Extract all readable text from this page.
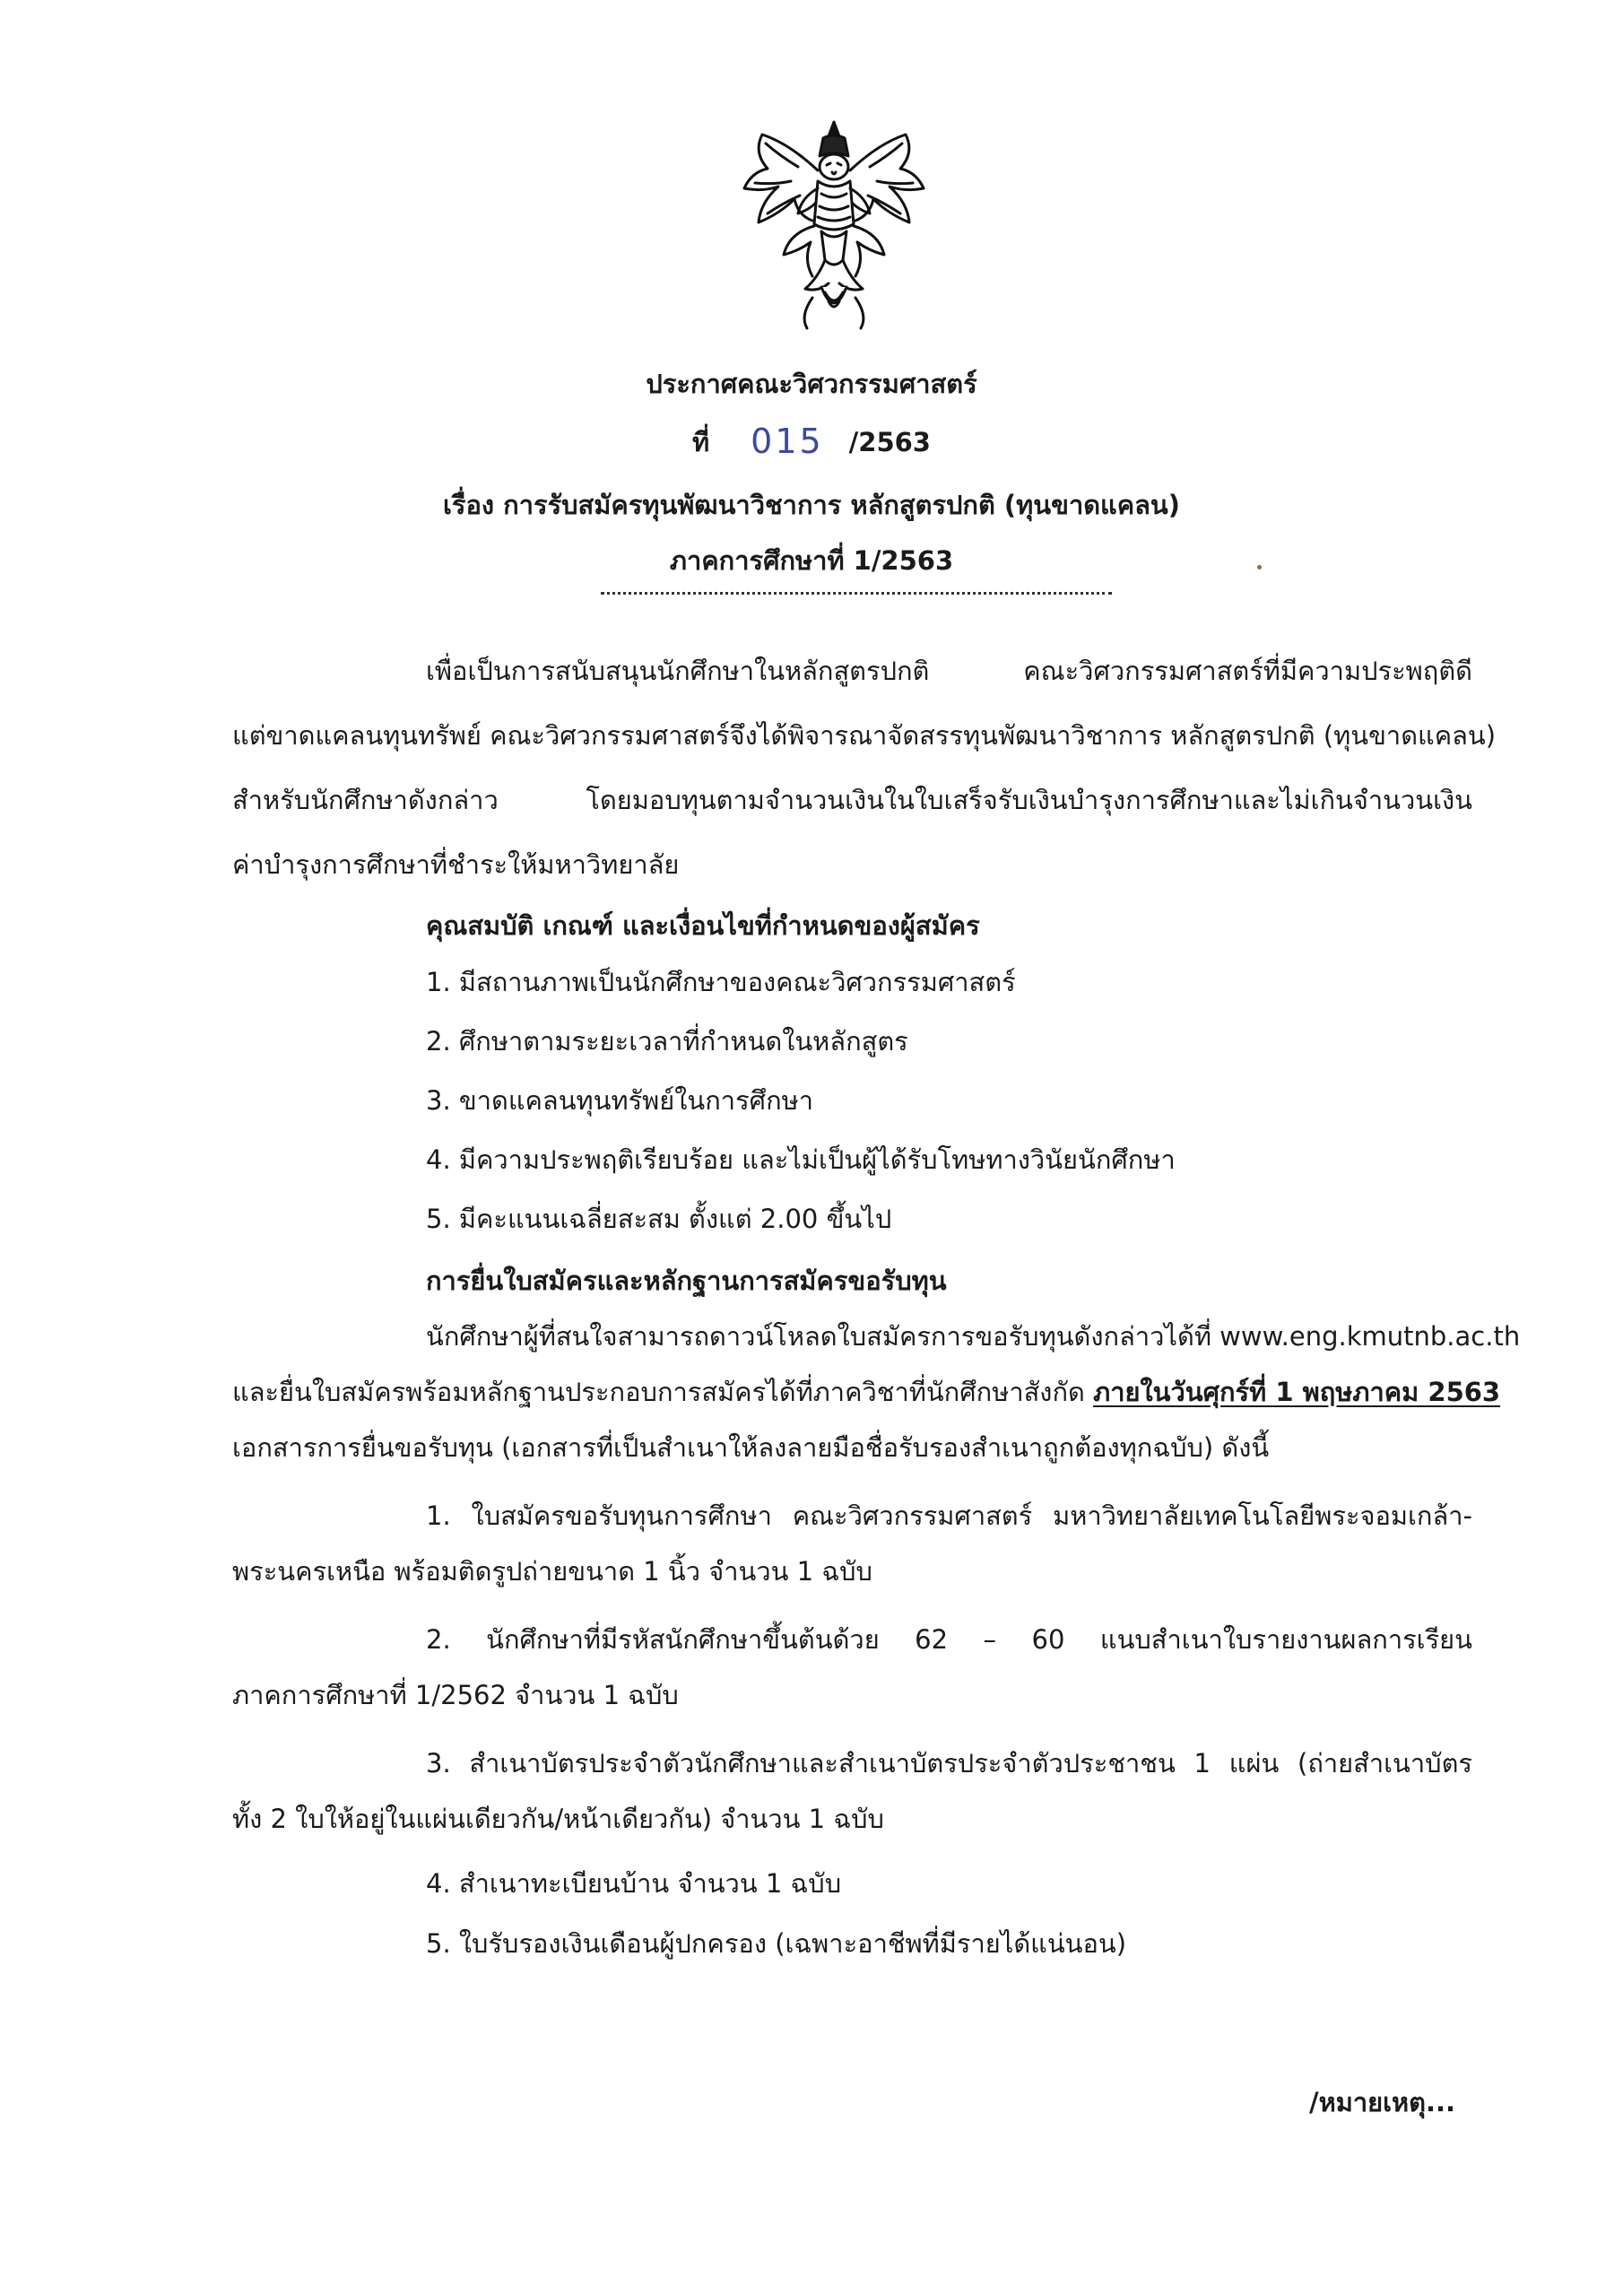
ประกาศคณะวิศวกรรมศาสตร์
ที่ 015 /2563
เรื่อง การรับสมัครทุนพัฒนาวิชาการ หลักสูตรปกติ (ทุนขาดแคลน)
ภาคการศึกษาที่ 1/2563
เพื่อเป็นการสนับสนุนนักศึกษาในหลักสูตรปกติ คณะวิศวกรรมศาสตร์ที่มีความประพฤติดี
แต่ขาดแคลนทุนทรัพย์ คณะวิศวกรรมศาสตร์จึงได้พิจารณาจัดสรรทุนพัฒนาวิชาการ หลักสูตรปกติ (ทุนขาดแคลน)
สำหรับนักศึกษาดังกล่าว โดยมอบทุนตามจำนวนเงินในใบเสร็จรับเงินบำรุงการศึกษาและไม่เกินจำนวนเงิน
ค่าบำรุงการศึกษาที่ชำระให้มหาวิทยาลัย
คุณสมบัติ เกณฑ์ และเงื่อนไขที่กำหนดของผู้สมัคร
1. มีสถานภาพเป็นนักศึกษาของคณะวิศวกรรมศาสตร์
2. ศึกษาตามระยะเวลาที่กำหนดในหลักสูตร
3. ขาดแคลนทุนทรัพย์ในการศึกษา
4. มีความประพฤติเรียบร้อย และไม่เป็นผู้ได้รับโทษทางวินัยนักศึกษา
5. มีคะแนนเฉลี่ยสะสม ตั้งแต่ 2.00 ขึ้นไป
การยื่นใบสมัครและหลักฐานการสมัครขอรับทุน
นักศึกษาผู้ที่สนใจสามารถดาวน์โหลดใบสมัครการขอรับทุนดังกล่าวได้ที่ www.eng.kmutnb.ac.th
และยื่นใบสมัครพร้อมหลักฐานประกอบการสมัครได้ที่ภาควิชาที่นักศึกษาสังกัด ภายในวันศุกร์ที่ 1 พฤษภาคม 2563
เอกสารการยื่นขอรับทุน (เอกสารที่เป็นสำเนาให้ลงลายมือชื่อรับรองสำเนาถูกต้องทุกฉบับ) ดังนี้
1. ใบสมัครขอรับทุนการศึกษา คณะวิศวกรรมศาสตร์ มหาวิทยาลัยเทคโนโลยีพระจอมเกล้า-
พระนครเหนือ พร้อมติดรูปถ่ายขนาด 1 นิ้ว จำนวน 1 ฉบับ
2. นักศึกษาที่มีรหัสนักศึกษาขึ้นต้นด้วย 62 – 60 แนบสำเนาใบรายงานผลการเรียน
ภาคการศึกษาที่ 1/2562 จำนวน 1 ฉบับ
3. สำเนาบัตรประจำตัวนักศึกษาและสำเนาบัตรประจำตัวประชาชน 1 แผ่น (ถ่ายสำเนาบัตร
ทั้ง 2 ใบให้อยู่ในแผ่นเดียวกัน/หน้าเดียวกัน) จำนวน 1 ฉบับ
4. สำเนาทะเบียนบ้าน จำนวน 1 ฉบับ
5. ใบรับรองเงินเดือนผู้ปกครอง (เฉพาะอาชีพที่มีรายได้แน่นอน)
/หมายเหตุ...
